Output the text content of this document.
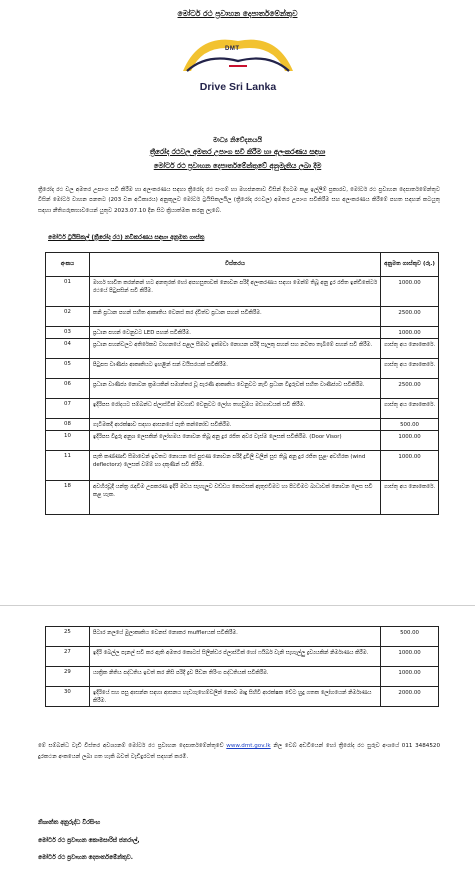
මෝටර් රථ ප්‍රවාහන දෙපාර්තමේන්තුව
DMT
Drive Sri Lanka
මාධ්‍ය නිවේදනයයි
ත්‍රීරෝද රථවල අමතර උපාංග සවි කිරීම හා අලංකරණය සඳහා
මෝටර් රථ ප්‍රවාහන දෙපාර්තමේන්තුවේ අනුමැතිය ලබා දීම
ත්‍රීරෝද රථ වල අමතර උපාංග සවි කිරීම හා අලංකරණය සඳහා ත්‍රීරෝද රථ සංගම් හා මහජනතාව විසින් දිගටම කළ ඉල්ලීම් ප්‍රකාරව, මෝටර් රථ ප්‍රවාහන දෙපාර්තමේන්තුව විසින් මෝටර් වාහන පනතට (203 වන අධිකාරය) අනුකූලව මෝටර් ට්‍රයිසිකලයිල (ත්‍රීරෝද රථවල) අමතර උපාංග සවිකිරීම සහ අලංකරණය කිරීමේ පහත සඳහන් කටයුතු සඳහා නීතිගරුකභාවයෙන් යුතුව 2023.07.10 දින සිට ක්‍රියාත්මක කරනු ලැබේ.
මෝටර් ට්‍රයිසිකල් (ත්‍රීරෝද රථ) නවීකරණය සඳහා අනුමත ගාස්තු
අංකය	විස්තරය	අනුමත ගාස්තුව (රු.)
01	මාර්ග භාවිත කරන්නන් හට අනතුරක් හෝ අපහසුතාවක් නොවන පරිදි අලංකරණය සඳහා මෙන්ම් තිබූ අනු දුර රජිත ඉන්ඩිකේටර් රථයේ පිටුපසින් සවි කිරීම.	1000.00
02	කනි ප්‍රධාන පහන් සහිත ආකෘතිය වෙනස් කර ද්විත්ව ප්‍රධාන පහන් සවිකිරීම.	2500.00
03	ප්‍රධාන පහන් වෙනුවට LED පහන් සවිකිරීම.	1000.00
04	ප්‍රධාන පහන්වලට අතිරේකව වාහනයේ පළල සීමාව ඉක්මවා නොයන පරිදි සැලකු පහන් සහ නවතා තැබීමේ පහන් සවි කිරීම.	ගාස්තු අය නොකෙරේ.
05	පිටුපස වාණිජ්‍ය ආකෘතියට ඉහළින් සන් වයිසරයක් සවිකිරීම.	ගාස්තු අය නොකෙරේ.
06	ප්‍රධාන වාණිජ්‍ය නොවන ක්‍රමයකින් සමාන්තර වූ පැරණි ආකෘතිය වෙනුවට නැවී ප්‍රධාන වීදුරුවක් සහිත වාණිජ්‍යව සවිකිරීම.	2500.00
07	ඉදිරිපස රෝදයට සම්බන්ධ ප්ලාස්ටික් මඩගාඩ් වෙනුවට ලෝහ තහඩුමය මඩගාඩයක් සවි කිරීම.	ගාස්තු අය නොකෙරේ.
08	ගැටිමකදී ආරක්ෂාව සඳහා ආසනයේ පැති කන්නෝඩ සවිකිරීම.	500.00
10	ඉදිරිපස වීදුරු අනුශ ලෙසකින් ලෝහමය නොවන තිබූ අනු දුර රජිත අවර වැස්ම ලෙසක් සවිකිරීම. (Door Visor)	1000.00
11	පැති කණ්ණාඩි සීමාවෙන් ඉවතට නොයන සේ පුළුණ නොවන පරිදි දුවිලි වලින් සුළු තිබූ අනු දුර රජිත සුළං අවහිරක (wind deflectorz) ලෙසක් වම්ම් හා දකුණින් සවි කිරීම.	1000.00
18	අවහිරවූදී යන්ත්‍ර රැඳවීම උපකරණ ඉදිරි මඩය සැහැලුව වඩ්ඩය කොටසක් ඇතුළුවීමට හා පිටවීමට බාධාවක් නොවන ලෙස සවි කළ හැක.	ගාස්තු අය නොකෙරේ.
25	පිටාර නලයේ මුලාකෘතිය වෙනස් නොකර mufflerයක් සවිකිරීම.	500.00
27	ඉදිරි බෙල්ල පැනල් සවි කර ඇති අමතර කොටස් සිලින්ඩර ප්ලාස්ටික් හෝ ෆයිබර් වැනි සැහැල්ලු ද්‍රව්‍යයකින් නිර්මාණය කිරීම.	1000.00
29	යාත්‍රික නිතිය පද්ධතිය ඉවත් කර නිසි පරිදි ද්‍රව පීඩන තිරිංග පද්ධතියක් සවිකිරීම.	1000.00
30	ඉදිරියේ සහ පසු ආසන්න සඳහා ආසනය හැඩගැහෙම්වලින් නොව මෘදු සිහිවී ආරක්ෂක චේට හුදු ගතක ලෝහයෙන් නිර්මාණය කිරීම.	2000.00
මේ සම්බන්ධ වැඩි විස්තර අවශ්‍යනම් මෝටර් රථ ප්‍රවාහන දෙපාර්තමේන්තුවේ www.dmt.gov.lk නිල වෙබ් අඩවියෙන් හෝ ත්‍රීරෝද රථ සුරුව අංශයේ 011 3484520 දුරකථන අංකයෙන් ලබා ගත හැකි බවත් වැඩිදුරටත් සඳහන් කරමි.
නිශාන්ත අනුරුද්ධ වීරසිංහ
මෝටර් රථ ප්‍රවාහන කොමසාරිස් ජනරාල්,
මෝටර් රථ ප්‍රවාහන දෙපාර්තමේන්තුව.
